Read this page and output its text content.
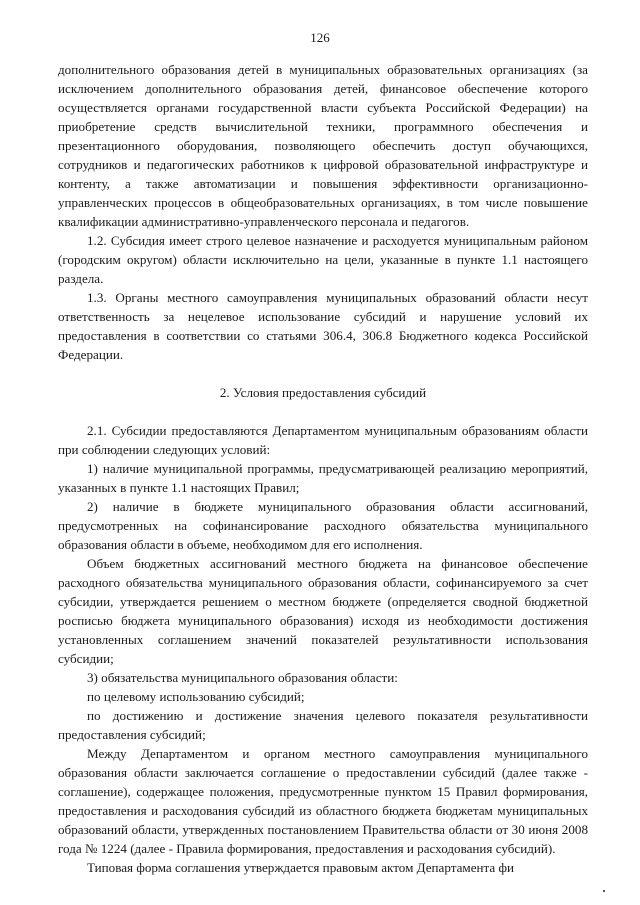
126

дополнительного образования детей в муниципальных образовательных организациях (за исключением дополнительного образования детей, финансовое обеспечение которого осуществляется органами государственной власти субъекта Российской Федерации) на приобретение средств вычислительной техники, программного обеспечения и презентационного оборудования, позволяющего обеспечить доступ обучающихся, сотрудников и педагогических работников к цифровой образовательной инфраструктуре и контенту, а также автоматизации и повышения эффективности организационно-управленческих процессов в общеобразовательных организациях, в том числе повышение квалификации административно-управленческого персонала и педагогов.

1.2. Субсидия имеет строго целевое назначение и расходуется муниципальным районом (городским округом) области исключительно на цели, указанные в пункте 1.1 настоящего раздела.

1.3. Органы местного самоуправления муниципальных образований области несут ответственность за нецелевое использование субсидий и нарушение условий их предоставления в соответствии со статьями 306.4, 306.8 Бюджетного кодекса Российской Федерации.

2. Условия предоставления субсидий

2.1. Субсидии предоставляются Департаментом муниципальным образованиям области при соблюдении следующих условий:

1) наличие муниципальной программы, предусматривающей реализацию мероприятий, указанных в пункте 1.1 настоящих Правил;

2) наличие в бюджете муниципального образования области ассигнований, предусмотренных на софинансирование расходного обязательства муниципального образования области в объеме, необходимом для его исполнения.

Объем бюджетных ассигнований местного бюджета на финансовое обеспечение расходного обязательства муниципального образования области, софинансируемого за счет субсидии, утверждается решением о местном бюджете (определяется сводной бюджетной росписью бюджета муниципального образования) исходя из необходимости достижения установленных соглашением значений показателей результативности использования субсидии;

3) обязательства муниципального образования области:

по целевому использованию субсидий;

по достижению и достижение значения целевого показателя результативности предоставления субсидий;

Между Департаментом и органом местного самоуправления муниципального образования области заключается соглашение о предоставлении субсидий (далее также - соглашение), содержащее положения, предусмотренные пунктом 15 Правил формирования, предоставления и расходования субсидий из областного бюджета бюджетам муниципальных образований области, утвержденных постановлением Правительства области от 30 июня 2008 года № 1224 (далее - Правила формирования, предоставления и расходования субсидий).

Типовая форма соглашения утверждается правовым актом Департамента фи
